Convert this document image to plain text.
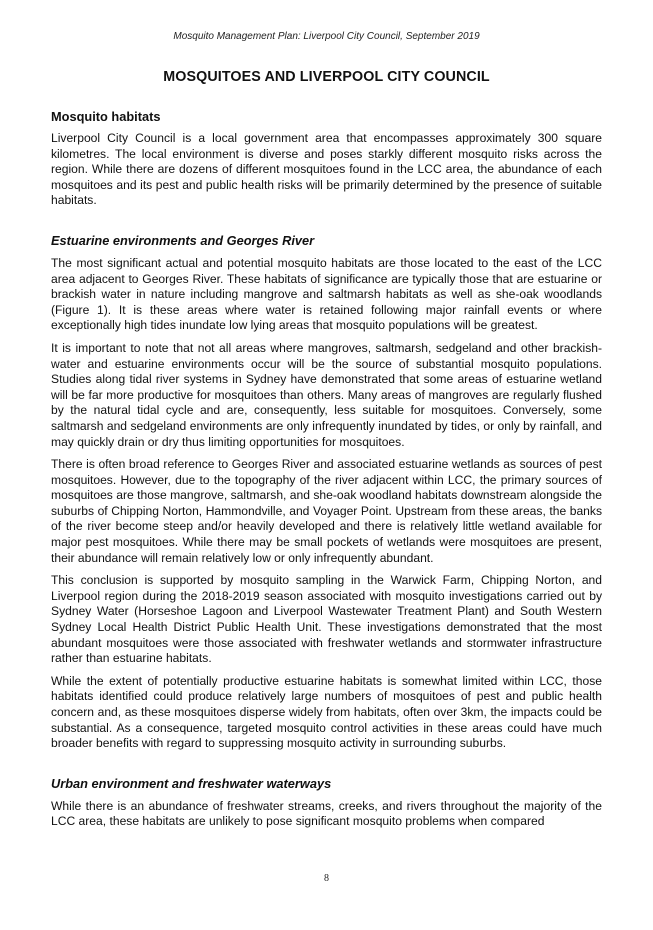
Mosquito Management Plan: Liverpool City Council, September 2019
MOSQUITOES AND LIVERPOOL CITY COUNCIL
Mosquito habitats

Liverpool City Council is a local government area that encompasses approximately 300 square kilometres. The local environment is diverse and poses starkly different mosquito risks across the region. While there are dozens of different mosquitoes found in the LCC area, the abundance of each mosquitoes and its pest and public health risks will be primarily determined by the presence of suitable habitats.

Estuarine environments and Georges River

The most significant actual and potential mosquito habitats are those located to the east of the LCC area adjacent to Georges River. These habitats of significance are typically those that are estuarine or brackish water in nature including mangrove and saltmarsh habitats as well as she-oak woodlands (Figure 1). It is these areas where water is retained following major rainfall events or where exceptionally high tides inundate low lying areas that mosquito populations will be greatest.

It is important to note that not all areas where mangroves, saltmarsh, sedgeland and other brackish-water and estuarine environments occur will be the source of substantial mosquito populations. Studies along tidal river systems in Sydney have demonstrated that some areas of estuarine wetland will be far more productive for mosquitoes than others. Many areas of mangroves are regularly flushed by the natural tidal cycle and are, consequently, less suitable for mosquitoes. Conversely, some saltmarsh and sedgeland environments are only infrequently inundated by tides, or only by rainfall, and may quickly drain or dry thus limiting opportunities for mosquitoes.

There is often broad reference to Georges River and associated estuarine wetlands as sources of pest mosquitoes. However, due to the topography of the river adjacent within LCC, the primary sources of mosquitoes are those mangrove, saltmarsh, and she-oak woodland habitats downstream alongside the suburbs of Chipping Norton, Hammondville, and Voyager Point. Upstream from these areas, the banks of the river become steep and/or heavily developed and there is relatively little wetland available for major pest mosquitoes. While there may be small pockets of wetlands were mosquitoes are present, their abundance will remain relatively low or only infrequently abundant.

This conclusion is supported by mosquito sampling in the Warwick Farm, Chipping Norton, and Liverpool region during the 2018-2019 season associated with mosquito investigations carried out by Sydney Water (Horseshoe Lagoon and Liverpool Wastewater Treatment Plant) and South Western Sydney Local Health District Public Health Unit. These investigations demonstrated that the most abundant mosquitoes were those associated with freshwater wetlands and stormwater infrastructure rather than estuarine habitats.

While the extent of potentially productive estuarine habitats is somewhat limited within LCC, those habitats identified could produce relatively large numbers of mosquitoes of pest and public health concern and, as these mosquitoes disperse widely from habitats, often over 3km, the impacts could be substantial. As a consequence, targeted mosquito control activities in these areas could have much broader benefits with regard to suppressing mosquito activity in surrounding suburbs.

Urban environment and freshwater waterways

While there is an abundance of freshwater streams, creeks, and rivers throughout the majority of the LCC area, these habitats are unlikely to pose significant mosquito problems when compared

8
